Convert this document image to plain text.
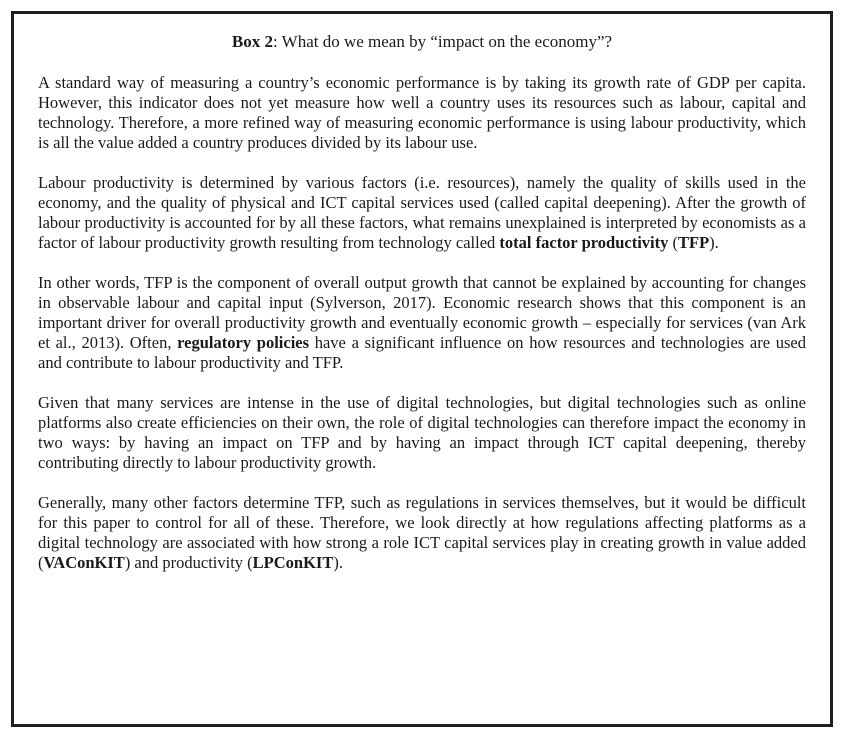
Box 2: What do we mean by “impact on the economy”?

A standard way of measuring a country’s economic performance is by taking its growth rate of GDP per capita. However, this indicator does not yet measure how well a country uses its resources such as labour, capital and technology. Therefore, a more refined way of measuring economic performance is using labour productivity, which is all the value added a country produces divided by its labour use.

Labour productivity is determined by various factors (i.e. resources), namely the quality of skills used in the economy, and the quality of physical and ICT capital services used (called capital deepening). After the growth of labour productivity is accounted for by all these factors, what remains unexplained is interpreted by economists as a factor of labour productivity growth resulting from technology called total factor productivity (TFP).

In other words, TFP is the component of overall output growth that cannot be explained by accounting for changes in observable labour and capital input (Sylverson, 2017). Economic research shows that this component is an important driver for overall productivity growth and eventually economic growth – especially for services (van Ark et al., 2013). Often, regulatory policies have a significant influence on how resources and technologies are used and contribute to labour productivity and TFP.

Given that many services are intense in the use of digital technologies, but digital technologies such as online platforms also create efficiencies on their own, the role of digital technologies can therefore impact the economy in two ways: by having an impact on TFP and by having an impact through ICT capital deepening, thereby contributing directly to labour productivity growth.

Generally, many other factors determine TFP, such as regulations in services themselves, but it would be difficult for this paper to control for all of these. Therefore, we look directly at how regulations affecting platforms as a digital technology are associated with how strong a role ICT capital services play in creating growth in value added (VAConKIT) and productivity (LPConKIT).
